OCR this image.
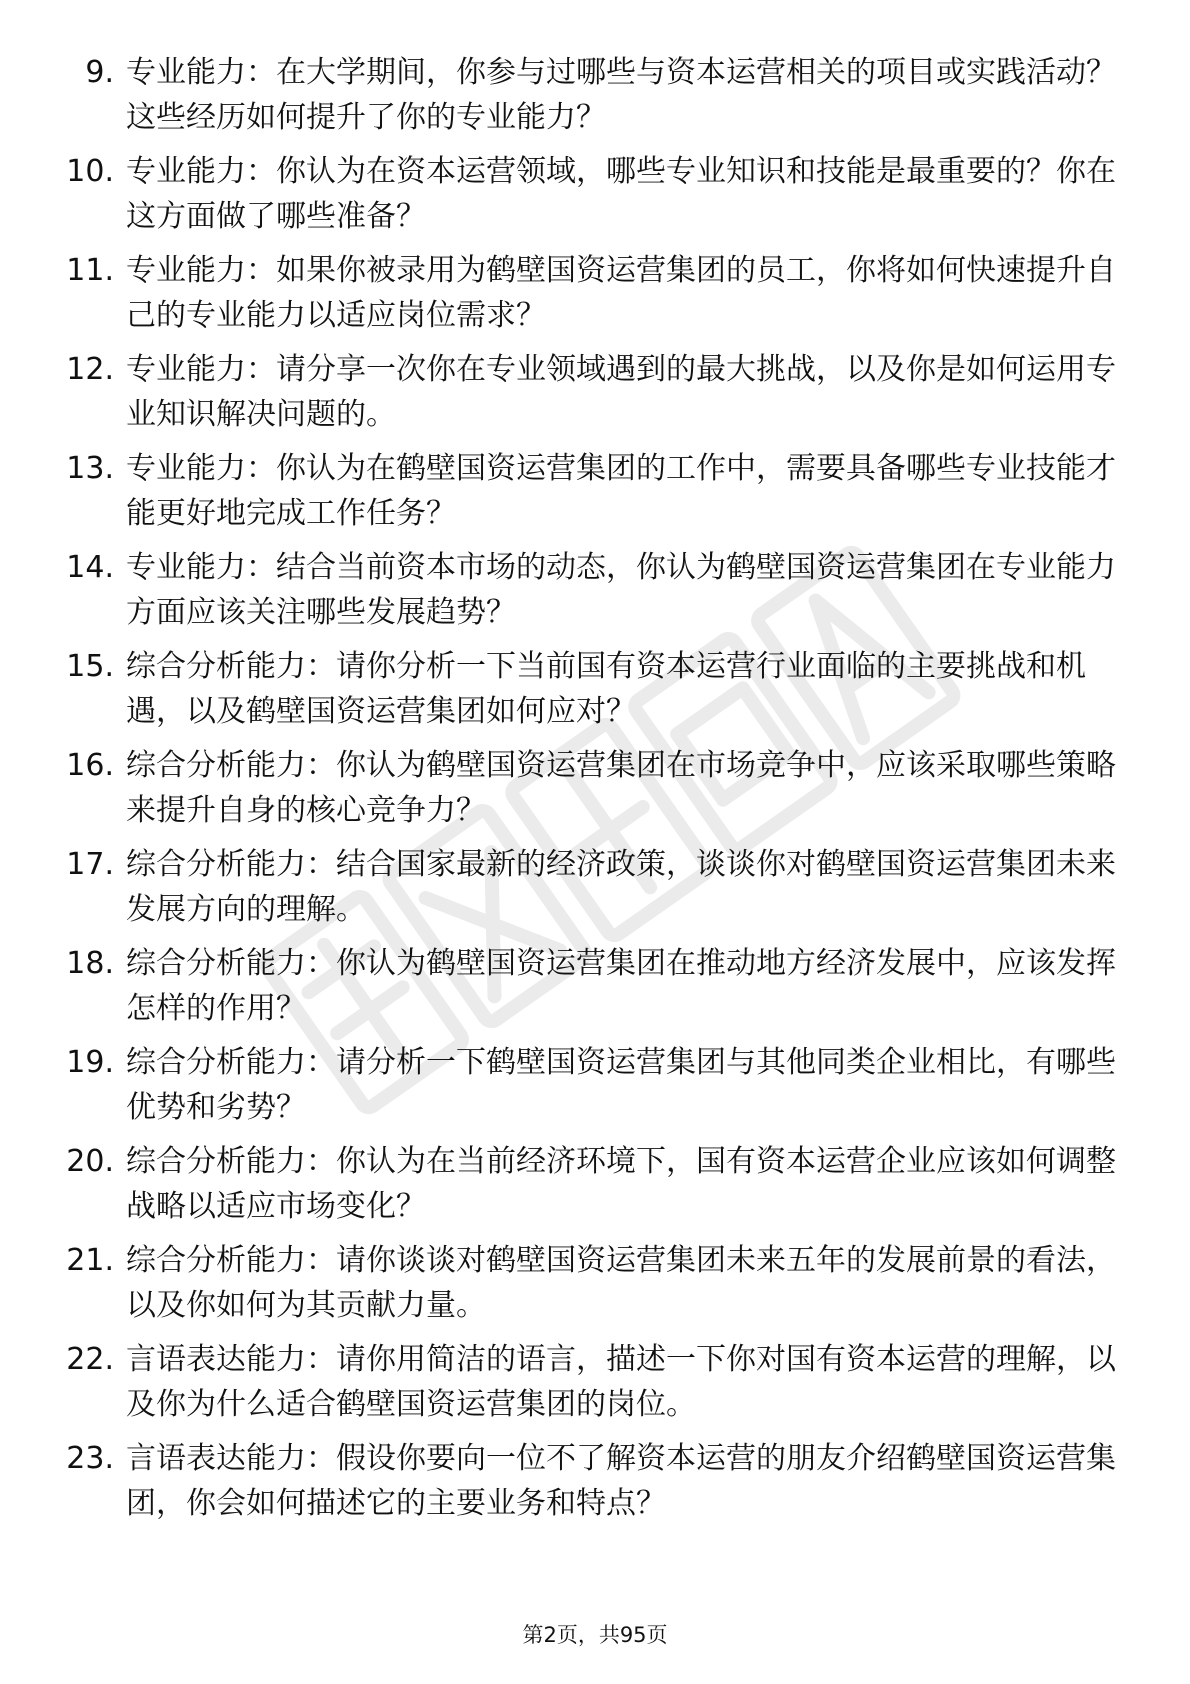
9. 专业能力：在大学期间，你参与过哪些与资本运营相关的项目或实践活动？这些经历如何提升了你的专业能力？
10. 专业能力：你认为在资本运营领域，哪些专业知识和技能是最重要的？你在这方面做了哪些准备？
11. 专业能力：如果你被录用为鹤壁国资运营集团的员工，你将如何快速提升自己的专业能力以适应岗位需求？
12. 专业能力：请分享一次你在专业领域遇到的最大挑战，以及你是如何运用专业知识解决问题的。
13. 专业能力：你认为在鹤壁国资运营集团的工作中，需要具备哪些专业技能才能更好地完成工作任务？
14. 专业能力：结合当前资本市场的动态，你认为鹤壁国资运营集团在专业能力方面应该关注哪些发展趋势？
15. 综合分析能力：请你分析一下当前国有资本运营行业面临的主要挑战和机遇，以及鹤壁国资运营集团如何应对？
16. 综合分析能力：你认为鹤壁国资运营集团在市场竞争中，应该采取哪些策略来提升自身的核心竞争力？
17. 综合分析能力：结合国家最新的经济政策，谈谈你对鹤壁国资运营集团未来发展方向的理解。
18. 综合分析能力：你认为鹤壁国资运营集团在推动地方经济发展中，应该发挥怎样的作用？
19. 综合分析能力：请分析一下鹤壁国资运营集团与其他同类企业相比，有哪些优势和劣势？
20. 综合分析能力：你认为在当前经济环境下，国有资本运营企业应该如何调整战略以适应市场变化？
21. 综合分析能力：请你谈谈对鹤壁国资运营集团未来五年的发展前景的看法，以及你如何为其贡献力量。
22. 言语表达能力：请你用简洁的语言，描述一下你对国有资本运营的理解，以及你为什么适合鹤壁国资运营集团的岗位。
23. 言语表达能力：假设你要向一位不了解资本运营的朋友介绍鹤壁国资运营集团，你会如何描述它的主要业务和特点？
第2页，共95页
